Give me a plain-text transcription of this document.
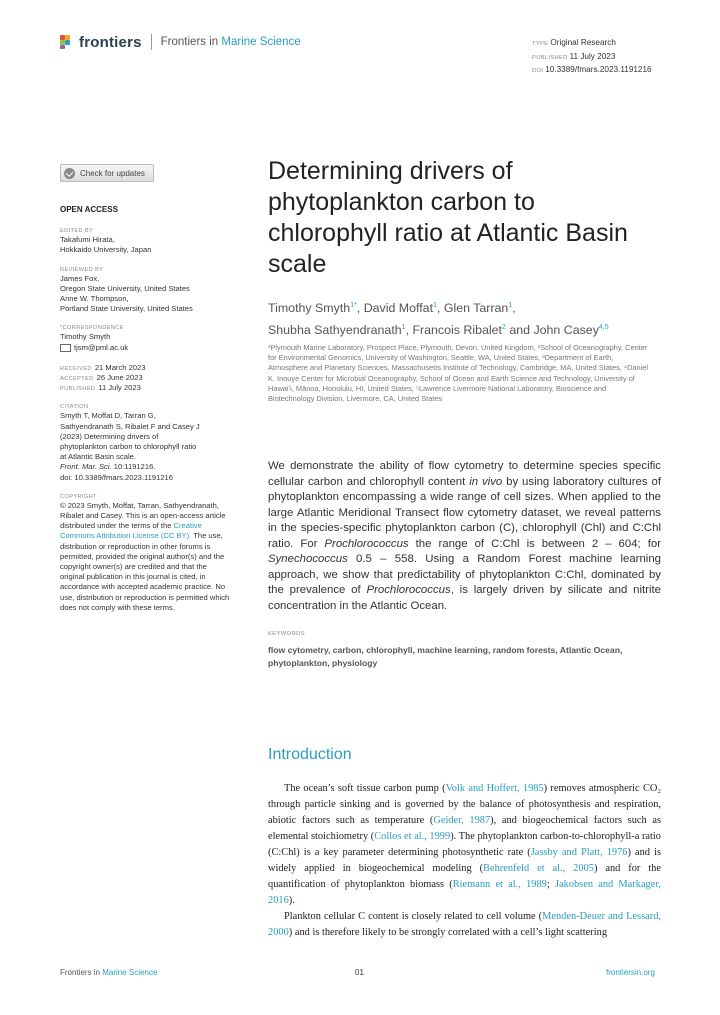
frontiers Frontiers in Marine Science	TYPE Original Research
PUBLISHED 11 July 2023
DOI 10.3389/fmars.2023.1191216
Check for updates
OPEN ACCESS
EDITED BY
Takafumi Hirata,
Hokkaido University, Japan
REVIEWED BY
James Fox,
Oregon State University, United States
Anne W. Thompson,
Portland State University, United States
*CORRESPONDENCE
Timothy Smyth
tjsm@pml.ac.uk
RECEIVED 21 March 2023
ACCEPTED 26 June 2023
PUBLISHED 11 July 2023
CITATION
Smyth T, Moffat D, Tarran G,
Sathyendranath S, Ribalet F and Casey J
(2023) Determining drivers of
phytoplankton carbon to chlorophyll ratio
at Atlantic Basin scale.
Front. Mar. Sci. 10:1191216.
doi: 10.3389/fmars.2023.1191216
COPYRIGHT
© 2023 Smyth, Moffat, Tarran, Sathyendranath, Ribalet and Casey. This is an open-access article distributed under the terms of the Creative Commons Attribution License (CC BY). The use, distribution or reproduction in other forums is permitted, provided the original author(s) and the copyright owner(s) are credited and that the original publication in this journal is cited, in accordance with accepted academic practice. No use, distribution or reproduction is permitted which does not comply with these terms.
Determining drivers of phytoplankton carbon to chlorophyll ratio at Atlantic Basin scale
Timothy Smyth$^{1*}$, David Moffat$^1$, Glen Tarran$^1$,
Shubha Sathyendranath$^1$, Francois Ribalet$^2$ and John Casey$^{4,5}$
¹Plymouth Marine Laboratory, Prospect Place, Plymouth, Devon, United Kingdom, ²School of Oceanography, Center for Environmental Genomics, University of Washington, Seattle, WA, United States, ³Department of Earth, Atmosphere and Planetary Sciences, Massachusetts Institute of Technology, Cambridge, MA, United States, ⁴Daniel K. Inouye Center for Microbial Oceanography, School of Ocean and Earth Science and Technology, University of Hawaiʻi, Mānoa, Honolulu, HI, United States, ⁵Lawrence Livermore National Laboratory, Bioscience and Biotechnology Division, Livermore, CA, United States
We demonstrate the ability of flow cytometry to determine species specific cellular carbon and chlorophyll content in vivo by using laboratory cultures of phytoplankton encompassing a wide range of cell sizes. When applied to the large Atlantic Meridional Transect flow cytometry dataset, we reveal patterns in the species-specific phytoplankton carbon (C), chlorophyll (Chl) and C:Chl ratio. For Prochlorococcus the range of C:Chl is between 2 – 604; for Synechococcus 0.5 – 558. Using a Random Forest machine learning approach, we show that predictability of phytoplankton C:Chl, dominated by the prevalence of Prochlorococcus, is largely driven by silicate and nitrite concentration in the Atlantic Ocean.
KEYWORDS
flow cytometry, carbon, chlorophyll, machine learning, random forests, Atlantic Ocean, phytoplankton, physiology
Introduction

The ocean’s soft tissue carbon pump (Volk and Hoffert, 1985) removes atmospheric CO₂ through particle sinking and is governed by the balance of photosynthesis and respiration, abiotic factors such as temperature (Geider, 1987), and biogeochemical factors such as elemental stoichiometry (Collos et al., 1999). The phytoplankton carbon-to-chlorophyll-a ratio (C:Chl) is a key parameter determining photosynthetic rate (Jassby and Platt, 1976) and is widely applied in biogeochemical modeling (Behrenfeld et al., 2005) and for the quantification of phytoplankton biomass (Riemann et al., 1989; Jakobsen and Markager, 2016).

Plankton cellular C content is closely related to cell volume (Menden-Deuer and Lessard, 2000) and is therefore likely to be strongly correlated with a cell’s light scattering

Frontiers in Marine Science	01	frontiersin.org
